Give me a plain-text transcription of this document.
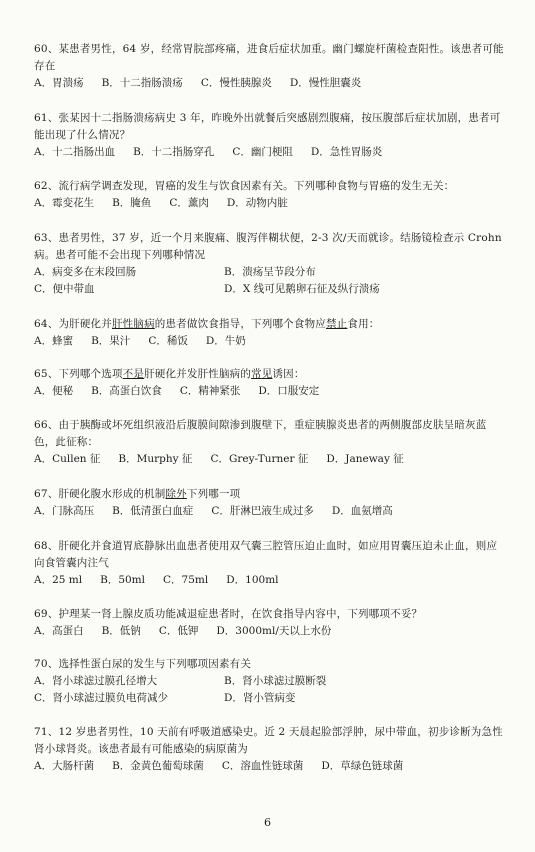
60、某患者男性，64 岁，经常胃脘部疼痛，进食后症状加重。幽门螺旋杆菌检查阳性。该患者可能存在
A．胃溃疡 B．十二指肠溃疡 C．慢性胰腺炎 D．慢性胆囊炎
61、张某因十二指肠溃疡病史 3 年，昨晚外出就餐后突感剧烈腹痛，按压腹部后症状加剧，患者可能出现了什么情况？
A．十二指肠出血 B．十二指肠穿孔 C．幽门梗阻 D．急性胃肠炎
62、流行病学调查发现，胃癌的发生与饮食因素有关。下列哪种食物与胃癌的发生无关：
A．霉变花生 B．腌鱼 C．薰肉 D．动物内脏
63、患者男性，37 岁，近一个月来腹痛、腹泻伴糊状便，2-3 次/天而就诊。结肠镜检查示 Crohn 病。患者可能不会出现下列哪种情况
A．病变多在末段回肠	B．溃疡呈节段分布
C．便中带血	D．X 线可见鹅卵石征及纵行溃疡
64、为肝硬化并肝性脑病的患者做饮食指导，下列哪个食物应禁止食用：
A．蜂蜜 B．果汁 C．稀饭 D．牛奶
65、下列哪个选项不是肝硬化并发肝性脑病的常见诱因：
A．便秘 B．高蛋白饮食 C．精神紧张 D．口服安定
66、由于胰酶或坏死组织液沿后腹膜间隙渗到腹壁下，重症胰腺炎患者的两侧腹部皮肤呈暗灰蓝色，此征称：
A．Cullen 征 B．Murphy 征 C．Grey-Turner 征 D．Janeway 征
67、肝硬化腹水形成的机制除外下列哪一项
A．门脉高压 B．低清蛋白血症 C．肝淋巴液生成过多 D．血氨增高
68、肝硬化并食道胃底静脉出血患者使用双气囊三腔管压迫止血时，如应用胃囊压迫未止血，则应向食管囊内注气
A．25 ml B．50ml C．75ml D．100ml
69、护理某一肾上腺皮质功能减退症患者时，在饮食指导内容中，下列哪项不妥？
A．高蛋白 B．低钠 C．低钾 D．3000ml/天以上水份
70、选择性蛋白尿的发生与下列哪项因素有关
A．肾小球滤过膜孔径增大	B．肾小球滤过膜断裂
C．肾小球滤过膜负电荷减少	D．肾小管病变
71、12 岁患者男性，10 天前有呼吸道感染史。近 2 天晨起脸部浮肿，尿中带血，初步诊断为急性肾小球肾炎。该患者最有可能感染的病原菌为
A．大肠杆菌 B．金黄色葡萄球菌 C．溶血性链球菌 D．草绿色链球菌
6
